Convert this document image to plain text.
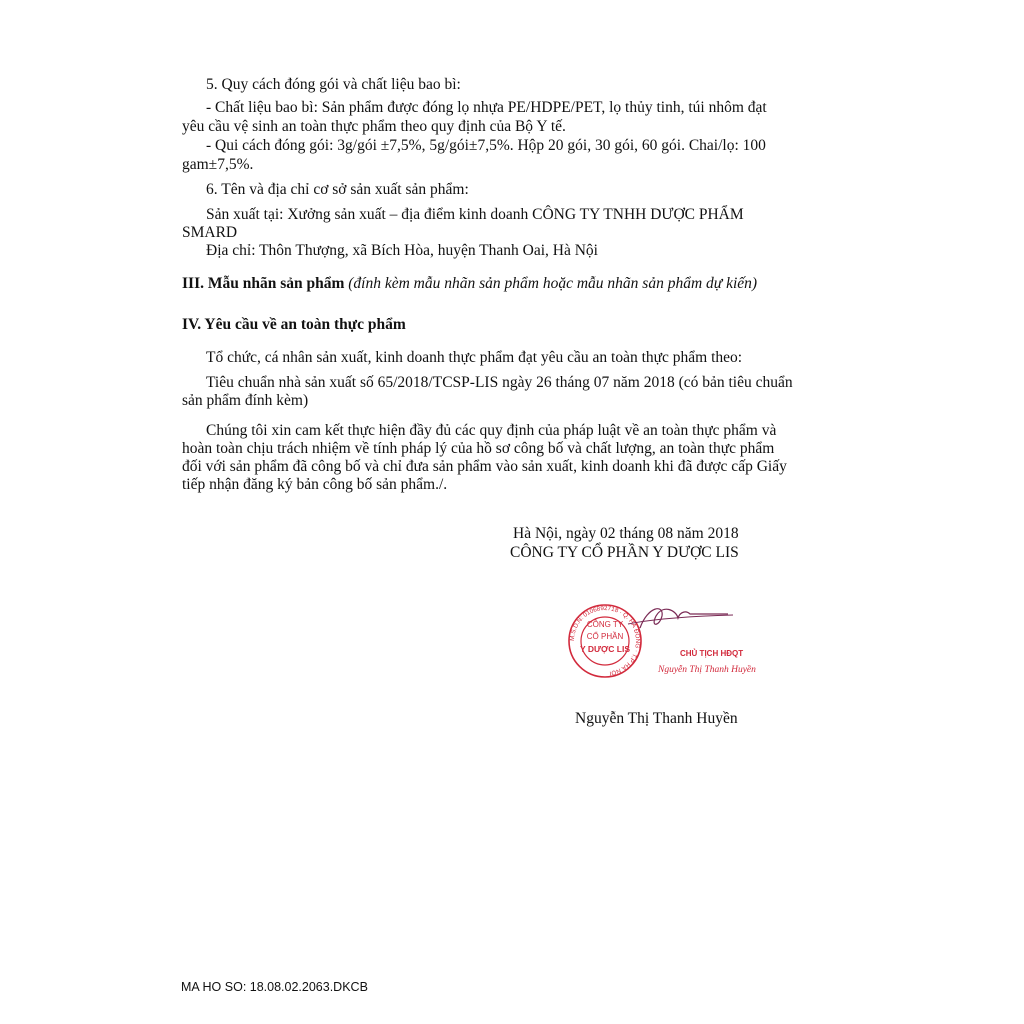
5. Quy cách đóng gói và chất liệu bao bì:
- Chất liệu bao bì: Sản phẩm được đóng lọ nhựa PE/HDPE/PET, lọ thủy tinh, túi nhôm đạt
yêu cầu vệ sinh an toàn thực phẩm theo quy định của Bộ Y tế.
- Qui cách đóng gói: 3g/gói ±7,5%, 5g/gói±7,5%. Hộp 20 gói, 30 gói, 60 gói. Chai/lọ: 100
gam±7,5%.
6. Tên và địa chỉ cơ sở sản xuất sản phẩm:
Sản xuất tại: Xưởng sản xuất – địa điểm kinh doanh CÔNG TY TNHH DƯỢC PHẨM
SMARD
Địa chỉ: Thôn Thượng, xã Bích Hòa, huyện Thanh Oai, Hà Nội
III. Mẫu nhãn sản phẩm (đính kèm mẫu nhãn sản phẩm hoặc mẫu nhãn sản phẩm dự kiến)
IV. Yêu cầu về an toàn thực phẩm
Tổ chức, cá nhân sản xuất, kinh doanh thực phẩm đạt yêu cầu an toàn thực phẩm theo:
Tiêu chuẩn nhà sản xuất số 65/2018/TCSP-LIS ngày 26 tháng 07 năm 2018 (có bản tiêu chuẩn
sản phẩm đính kèm)
Chúng tôi xin cam kết thực hiện đầy đủ các quy định của pháp luật về an toàn thực phẩm và
hoàn toàn chịu trách nhiệm về tính pháp lý của hồ sơ công bố và chất lượng, an toàn thực phẩm
đối với sản phẩm đã công bố và chỉ đưa sản phẩm vào sản xuất, kinh doanh khi đã được cấp Giấy
tiếp nhận đăng ký bản công bố sản phẩm./.
Hà Nội, ngày 02 tháng 08 năm 2018
CÔNG TY CỔ PHẦN Y DƯỢC LIS
M.S.D.N: 0106892718 · Q. HÀ ĐÔNG · T.P HÀ NỘI
CÔNG TY
CỔ PHẦN
Y DƯỢC LIS	CHỦ TỊCH HĐQT
Nguyễn Thị Thanh Huyền
Nguyễn Thị Thanh Huyền
MA HO SO: 18.08.02.2063.DKCB
